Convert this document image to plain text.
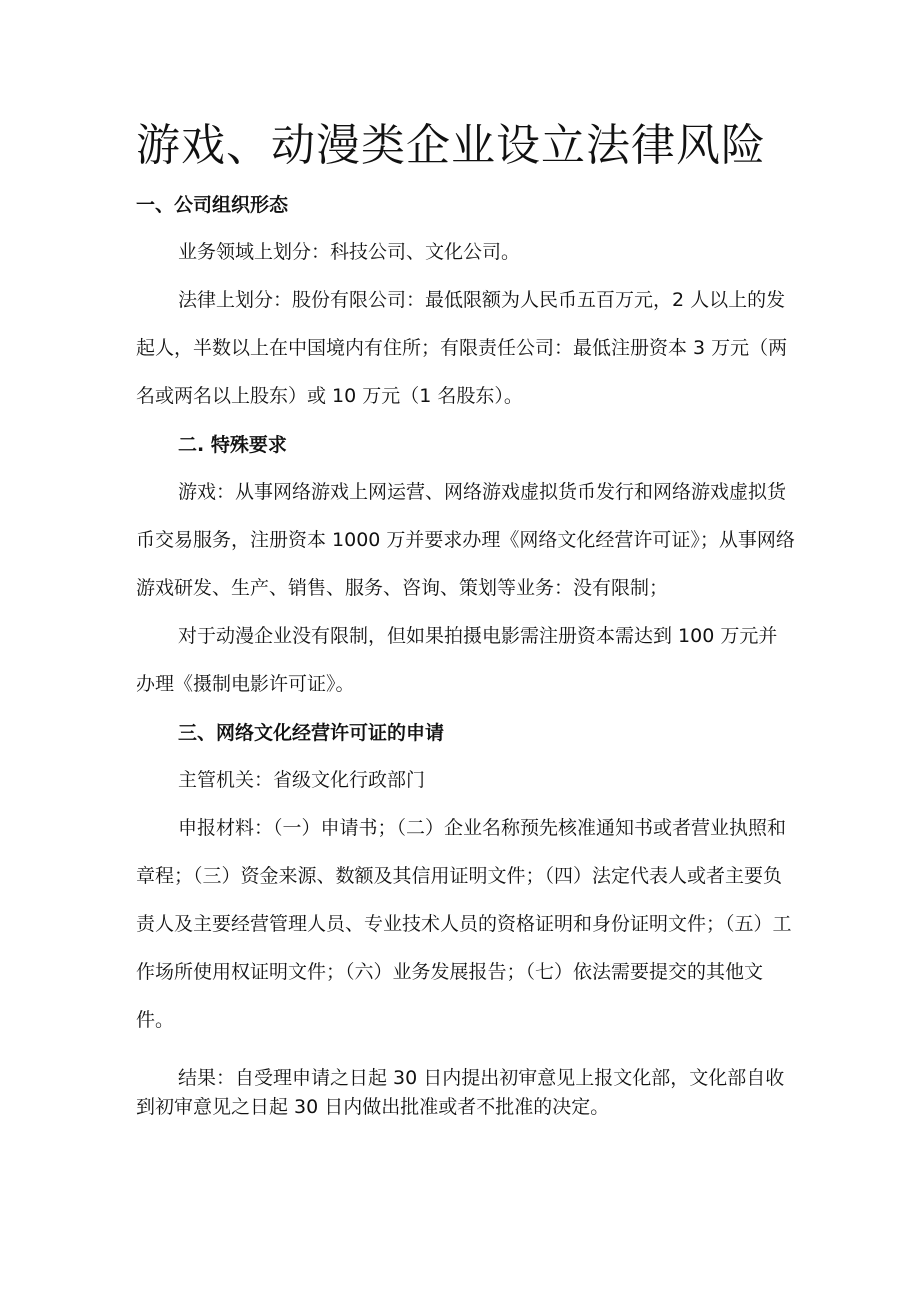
游戏、动漫类企业设立法律风险
一、公司组织形态
业务领域上划分：科技公司、文化公司。
法律上划分：股份有限公司：最低限额为人民币五百万元，2 人以上的发起人，半数以上在中国境内有住所；有限责任公司：最低注册资本 3 万元（两名或两名以上股东）或 10 万元（1 名股东）。
二. 特殊要求
游戏：从事网络游戏上网运营、网络游戏虚拟货币发行和网络游戏虚拟货币交易服务，注册资本 1000 万并要求办理《网络文化经营许可证》；从事网络游戏研发、生产、销售、服务、咨询、策划等业务：没有限制；
对于动漫企业没有限制，但如果拍摄电影需注册资本需达到 100 万元并办理《摄制电影许可证》。
三、网络文化经营许可证的申请
主管机关：省级文化行政部门
申报材料：（一）申请书；（二）企业名称预先核准通知书或者营业执照和章程；（三）资金来源、数额及其信用证明文件；（四）法定代表人或者主要负责人及主要经营管理人员、专业技术人员的资格证明和身份证明文件；（五）工作场所使用权证明文件；（六）业务发展报告；（七）依法需要提交的其他文件。
结果：自受理申请之日起 30 日内提出初审意见上报文化部，文化部自收到初审意见之日起 30 日内做出批准或者不批准的决定。
